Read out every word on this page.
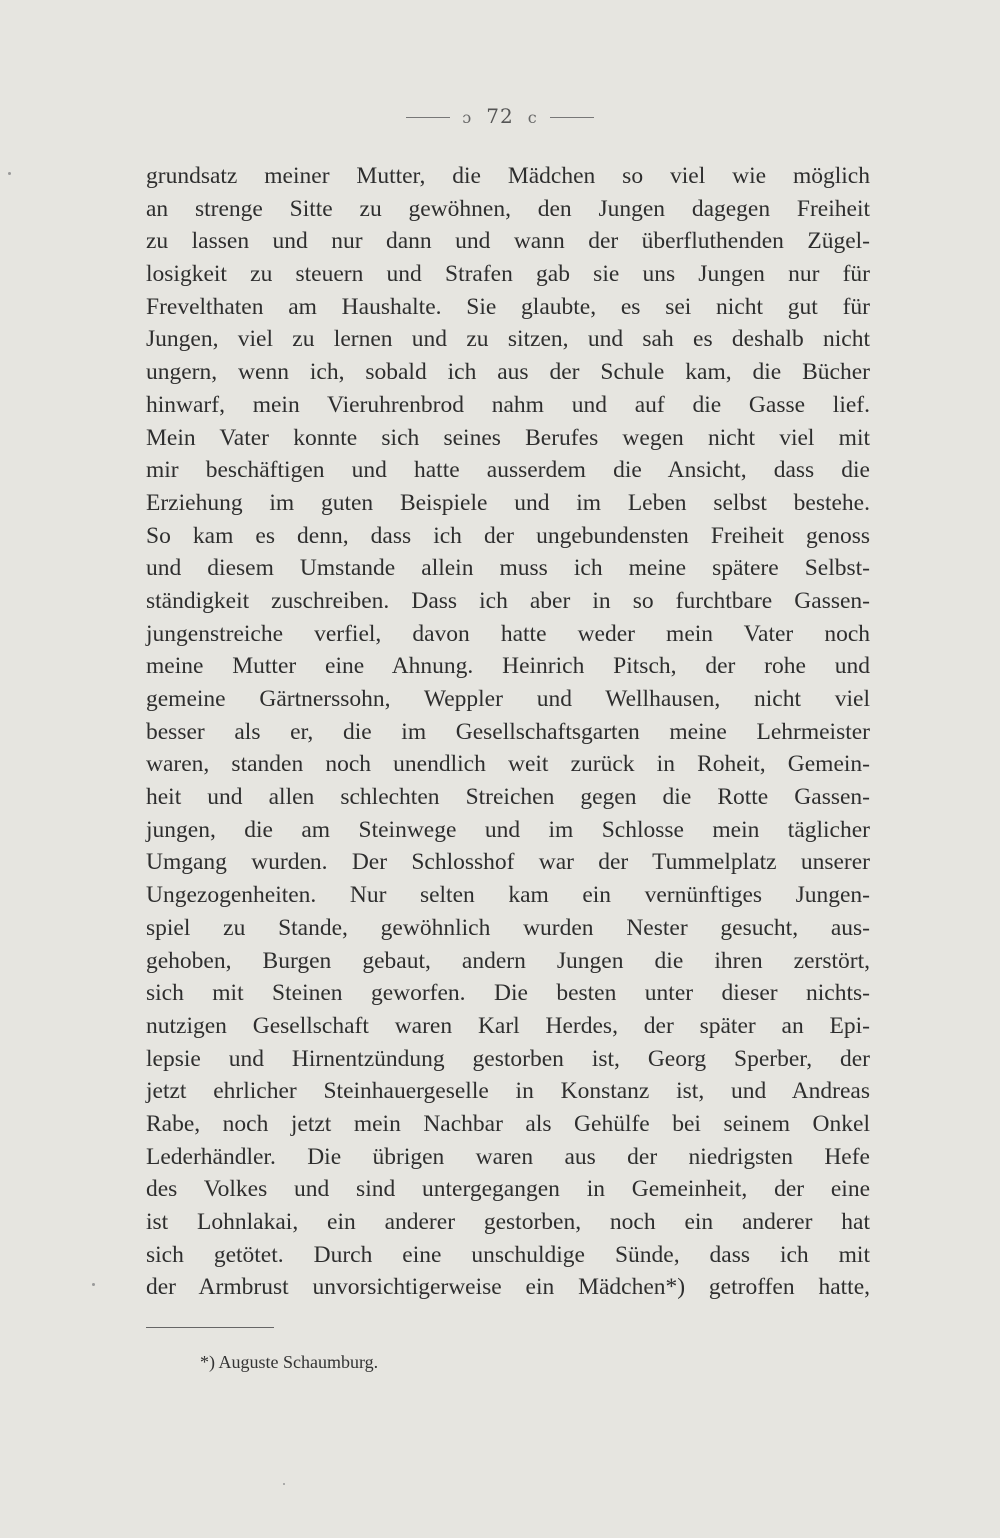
ɔ 72 c
grundsatz meiner Mutter, die Mädchen so viel wie möglich
an strenge Sitte zu gewöhnen, den Jungen dagegen Freiheit
zu lassen und nur dann und wann der überfluthenden Zügel-
losigkeit zu steuern und Strafen gab sie uns Jungen nur für
Frevelthaten am Haushalte. Sie glaubte, es sei nicht gut für
Jungen, viel zu lernen und zu sitzen, und sah es deshalb nicht
ungern, wenn ich, sobald ich aus der Schule kam, die Bücher
hinwarf, mein Vieruhrenbrod nahm und auf die Gasse lief.
Mein Vater konnte sich seines Berufes wegen nicht viel mit
mir beschäftigen und hatte ausserdem die Ansicht, dass die
Erziehung im guten Beispiele und im Leben selbst bestehe.
So kam es denn, dass ich der ungebundensten Freiheit genoss
und diesem Umstande allein muss ich meine spätere Selbst-
ständigkeit zuschreiben. Dass ich aber in so furchtbare Gassen-
jungenstreiche verfiel, davon hatte weder mein Vater noch
meine Mutter eine Ahnung. Heinrich Pitsch, der rohe und
gemeine Gärtnerssohn, Weppler und Wellhausen, nicht viel
besser als er, die im Gesellschaftsgarten meine Lehrmeister
waren, standen noch unendlich weit zurück in Roheit, Gemein-
heit und allen schlechten Streichen gegen die Rotte Gassen-
jungen, die am Steinwege und im Schlosse mein täglicher
Umgang wurden. Der Schlosshof war der Tummelplatz unserer
Ungezogenheiten. Nur selten kam ein vernünftiges Jungen-
spiel zu Stande, gewöhnlich wurden Nester gesucht, aus-
gehoben, Burgen gebaut, andern Jungen die ihren zerstört,
sich mit Steinen geworfen. Die besten unter dieser nichts-
nutzigen Gesellschaft waren Karl Herdes, der später an Epi-
lepsie und Hirnentzündung gestorben ist, Georg Sperber, der
jetzt ehrlicher Steinhauergeselle in Konstanz ist, und Andreas
Rabe, noch jetzt mein Nachbar als Gehülfe bei seinem Onkel
Lederhändler. Die übrigen waren aus der niedrigsten Hefe
des Volkes und sind untergegangen in Gemeinheit, der eine
ist Lohnlakai, ein anderer gestorben, noch ein anderer hat
sich getötet. Durch eine unschuldige Sünde, dass ich mit
der Armbrust unvorsichtigerweise ein Mädchen*) getroffen hatte,
*) Auguste Schaumburg.
